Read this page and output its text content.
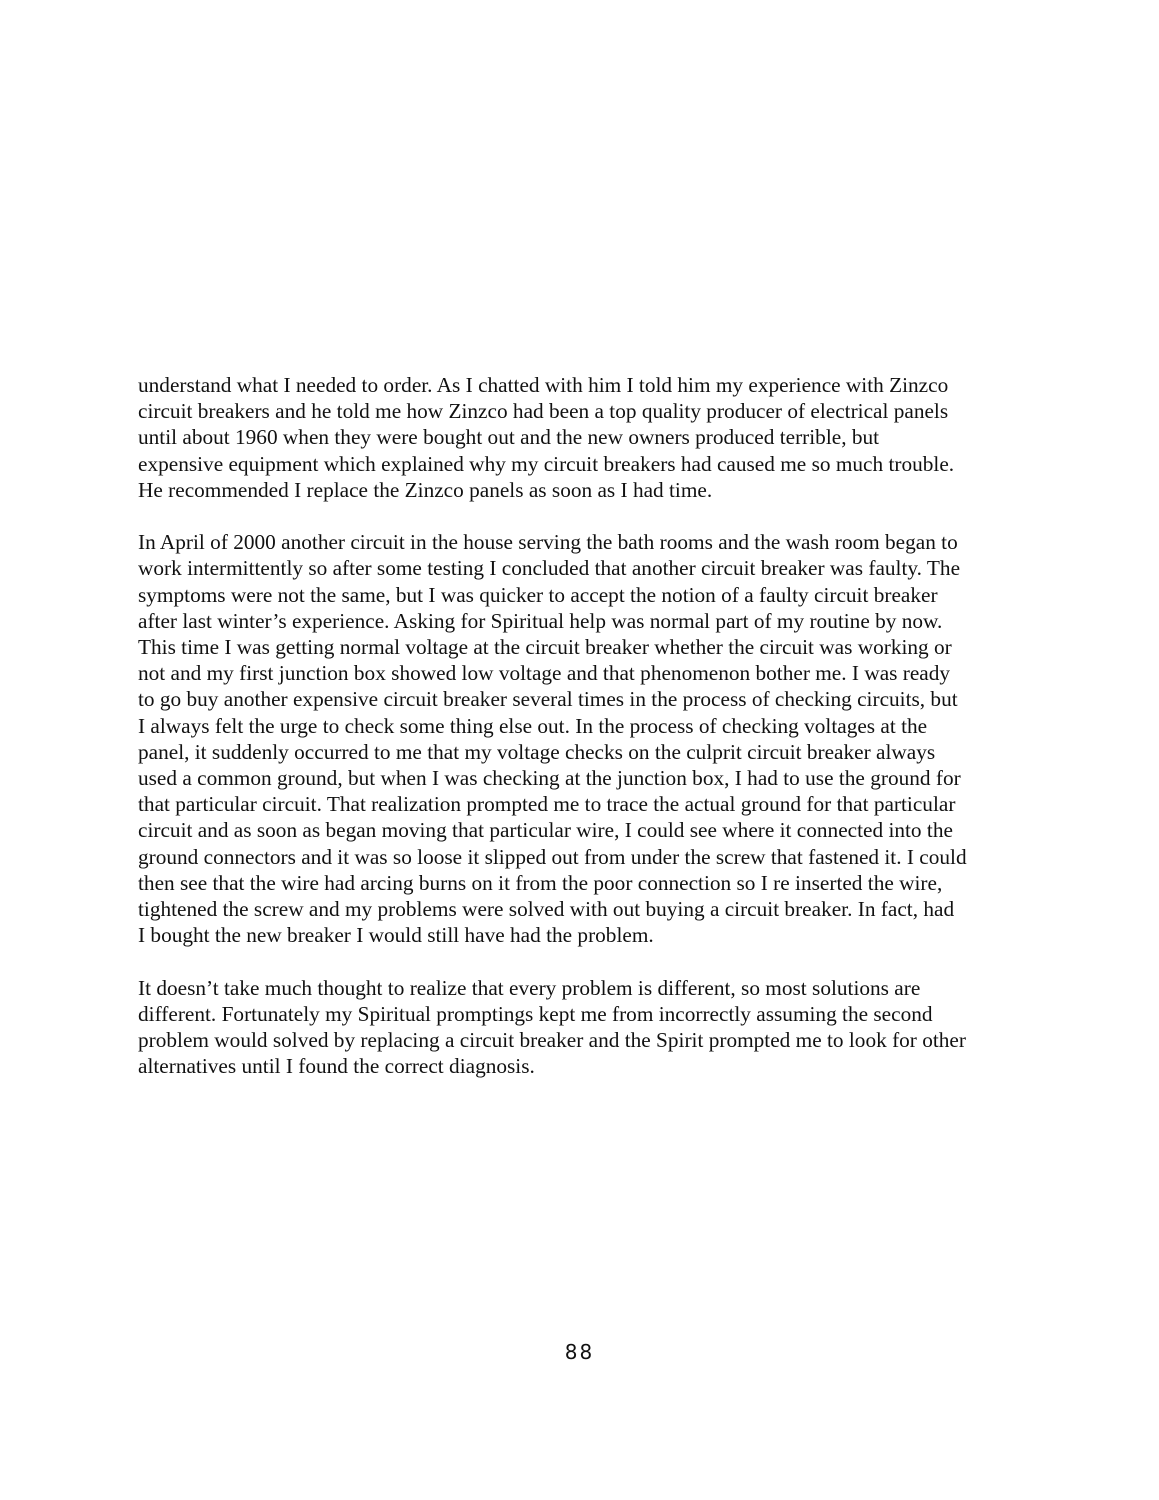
understand what I needed to order. As I chatted with him I told him my experience with Zinzco
circuit breakers and he told me how Zinzco had been a top quality producer of electrical panels
until about 1960 when they were bought out and the new owners produced terrible, but
expensive equipment which explained why my circuit breakers had caused me so much trouble.
He recommended I replace the Zinzco panels as soon as I had time.

In April of 2000 another circuit in the house serving the bath rooms and the wash room began to
work intermittently so after some testing I concluded that another circuit breaker was faulty. The
symptoms were not the same, but I was quicker to accept the notion of a faulty circuit breaker
after last winter’s experience. Asking for Spiritual help was normal part of my routine by now.
This time I was getting normal voltage at the circuit breaker whether the circuit was working or
not and my first junction box showed low voltage and that phenomenon bother me. I was ready
to go buy another expensive circuit breaker several times in the process of checking circuits, but
I always felt the urge to check some thing else out. In the process of checking voltages at the
panel, it suddenly occurred to me that my voltage checks on the culprit circuit breaker always
used a common ground, but when I was checking at the junction box, I had to use the ground for
that particular circuit. That realization prompted me to trace the actual ground for that particular
circuit and as soon as began moving that particular wire, I could see where it connected into the
ground connectors and it was so loose it slipped out from under the screw that fastened it. I could
then see that the wire had arcing burns on it from the poor connection so I re inserted the wire,
tightened the screw and my problems were solved with out buying a circuit breaker. In fact, had
I bought the new breaker I would still have had the problem.

It doesn’t take much thought to realize that every problem is different, so most solutions are
different. Fortunately my Spiritual promptings kept me from incorrectly assuming the second
problem would solved by replacing a circuit breaker and the Spirit prompted me to look for other
alternatives until I found the correct diagnosis.

88
